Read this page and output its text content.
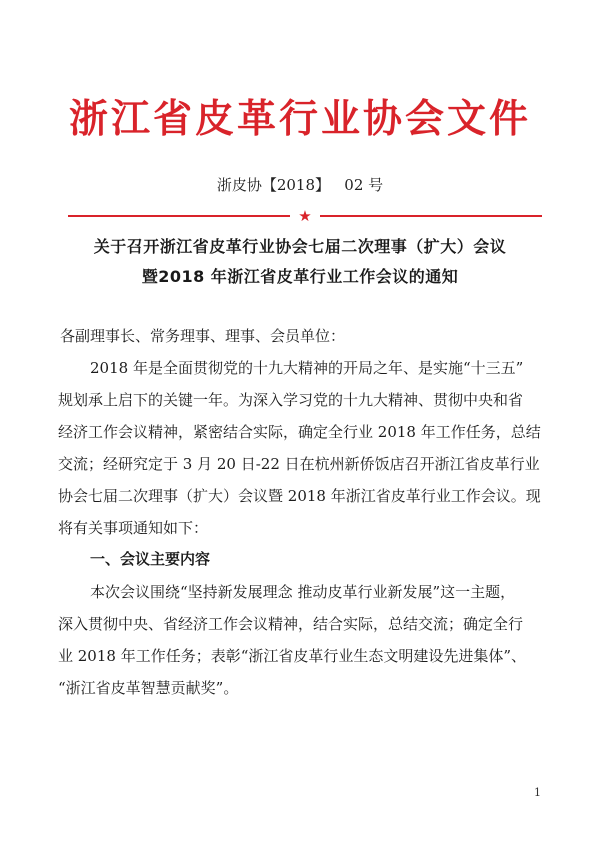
浙江省皮革行业协会文件
浙皮协【2018】   02 号
★
关于召开浙江省皮革行业协会七届二次理事（扩大）会议
暨2018 年浙江省皮革行业工作会议的通知
各副理事长、常务理事、理事、会员单位：
2018 年是全面贯彻党的十九大精神的开局之年、是实施“十三五”
规划承上启下的关键一年。为深入学习党的十九大精神、贯彻中央和省
经济工作会议精神，紧密结合实际，确定全行业 2018 年工作任务，总结
交流；经研究定于 3 月 20 日-22 日在杭州新侨饭店召开浙江省皮革行业
协会七届二次理事（扩大）会议暨 2018 年浙江省皮革行业工作会议。现
将有关事项通知如下：
一、会议主要内容
本次会议围绕“坚持新发展理念 推动皮革行业新发展”这一主题，
深入贯彻中央、省经济工作会议精神，结合实际，总结交流；确定全行
业 2018 年工作任务；表彰“浙江省皮革行业生态文明建设先进集体”、
“浙江省皮革智慧贡献奖”。
1
